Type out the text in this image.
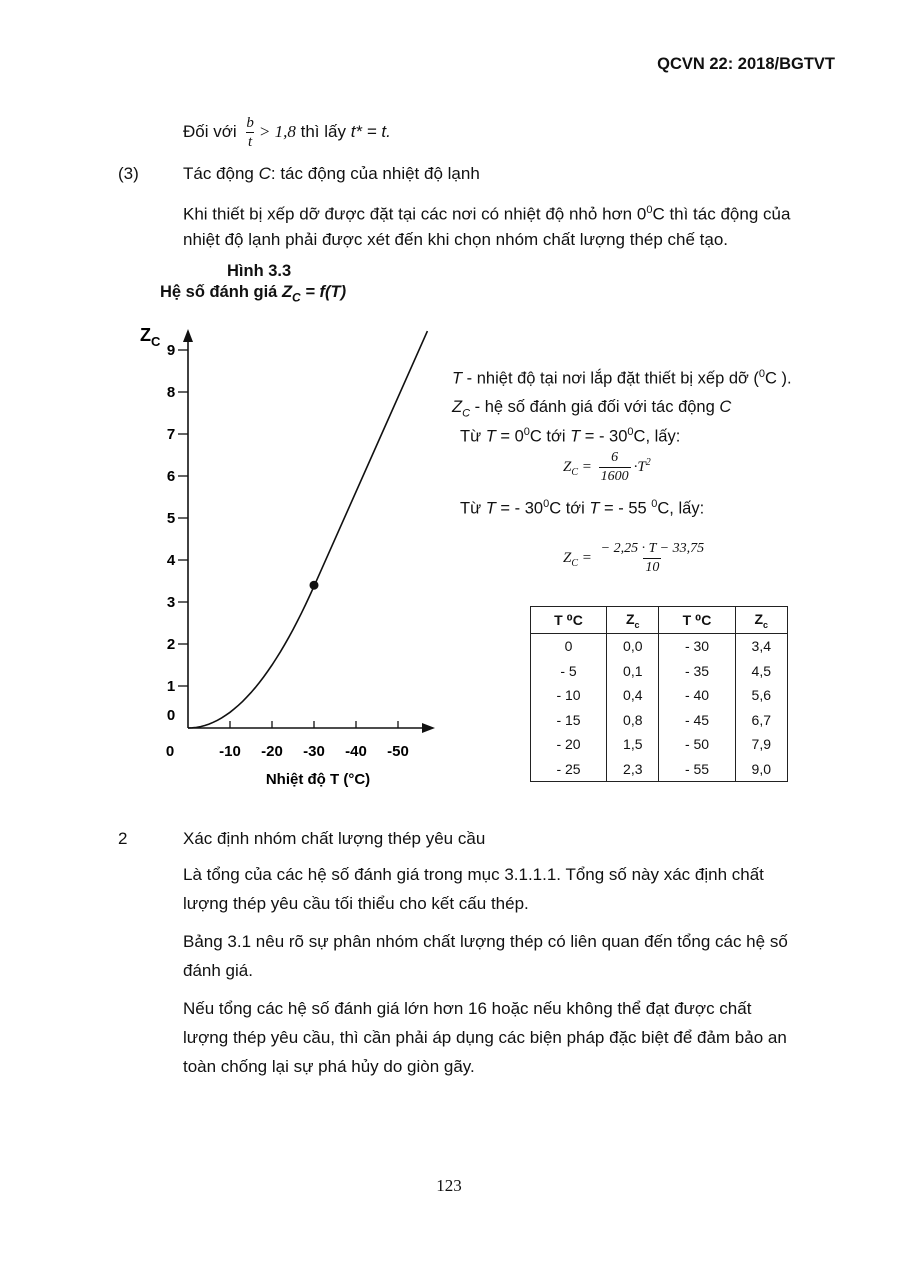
QCVN 22: 2018/BGTVT
Đối với $\frac{b}{t} > 1,8$ thì lấy t* = t.
(3)	Tác động C: tác động của nhiệt độ lạnh
Khi thiết bị xếp dỡ được đặt tại các nơi có nhiệt độ nhỏ hơn $0^0C$ thì tác động của
nhiệt độ lạnh phải được xét đến khi chọn nhóm chất lượng thép chế tạo.
Hình 3.3
Hệ số đánh giá $Z_C = f(T)$
0	-10 -20 -30 -40 -50
0
1
2
3
4
5
6
7
8
9
$Z_C$
Nhiệt độ T (°C)
T - nhiệt độ tại nơi lắp đặt thiết bị xếp dỡ ($^0$C ).
$Z_C$ - hệ số đánh giá đối với tác động C
Từ $T = 0^0C$ tới T = - $30^0C$, lấy:
$Z_C = \frac{6}{1600} \cdot T^2$
Từ T = - $30^0C$ tới T = - 55 $^0$C, lấy:
$Z_C = \frac{- 2,25 \cdot T - 33,75}{10}$
T ⁰C	$Z_c$	T ⁰C	$Z_c$
0	0,0	- 30	3,4
- 5	0,1	- 35	4,5
- 10	0,4	- 40	5,6
- 15	0,8	- 45	6,7
- 20	1,5	- 50	7,9
- 25	2,3	- 55	9,0
2	Xác định nhóm chất lượng thép yêu cầu
Là tổng của các hệ số đánh giá trong mục 3.1.1.1. Tổng số này xác định chất
lượng thép yêu cầu tối thiểu cho kết cấu thép.
Bảng 3.1 nêu rõ sự phân nhóm chất lượng thép có liên quan đến tổng các hệ số
đánh giá.
Nếu tổng các hệ số đánh giá lớn hơn 16 hoặc nếu không thể đạt được chất
lượng thép yêu cầu, thì cần phải áp dụng các biện pháp đặc biệt để đảm bảo an
toàn chống lại sự phá hủy do giòn gãy.
123
